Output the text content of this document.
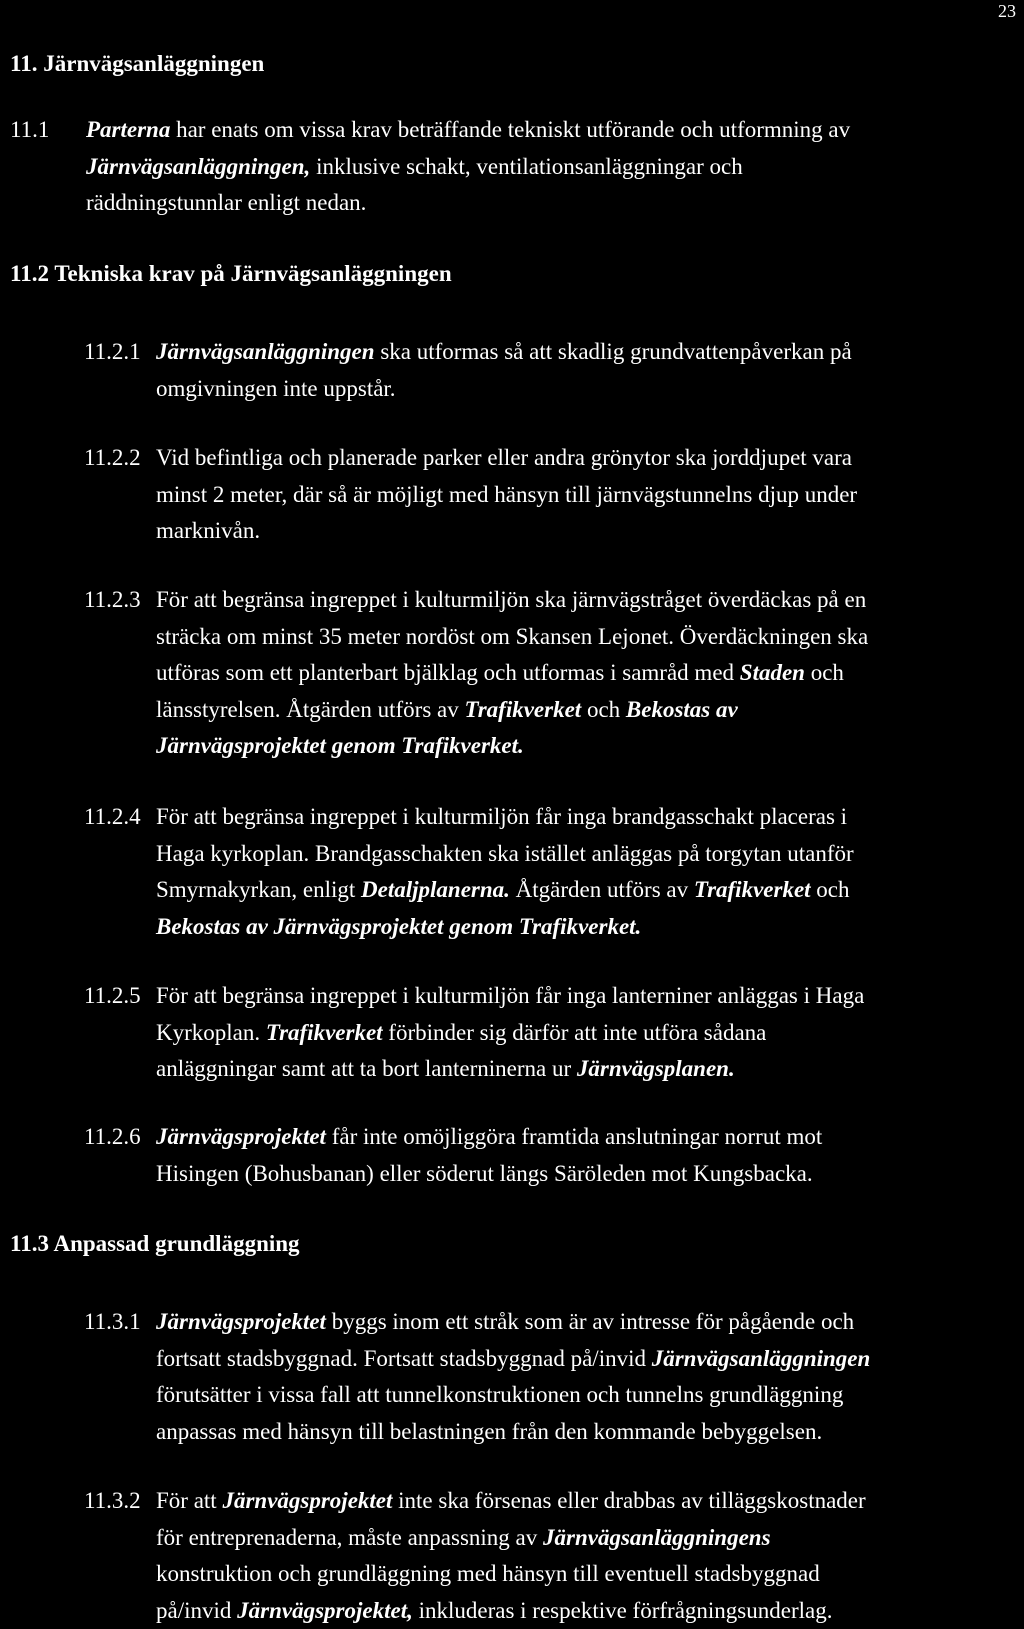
23
11. Järnvägsanläggningen
11.1 Parterna har enats om vissa krav beträffande tekniskt utförande och utformning av
Järnvägsanläggningen, inklusive schakt, ventilationsanläggningar och
räddningstunnlar enligt nedan.
11.2 Tekniska krav på Järnvägsanläggningen
11.2.1 Järnvägsanläggningen ska utformas så att skadlig grundvattenpåverkan på
omgivningen inte uppstår.
11.2.2 Vid befintliga och planerade parker eller andra grönytor ska jorddjupet vara
minst 2 meter, där så är möjligt med hänsyn till järnvägstunnelns djup under
marknivån.
11.2.3 För att begränsa ingreppet i kulturmiljön ska järnvägstråget överdäckas på en
sträcka om minst 35 meter nordöst om Skansen Lejonet. Överdäckningen ska
utföras som ett planterbart bjälklag och utformas i samråd med Staden och
länsstyrelsen. Åtgärden utförs av Trafikverket och Bekostas av
Järnvägsprojektet genom Trafikverket.
11.2.4 För att begränsa ingreppet i kulturmiljön får inga brandgasschakt placeras i
Haga kyrkoplan. Brandgasschakten ska istället anläggas på torgytan utanför
Smyrnakyrkan, enligt Detaljplanerna. Åtgärden utförs av Trafikverket och
Bekostas av Järnvägsprojektet genom Trafikverket.
11.2.5 För att begränsa ingreppet i kulturmiljön får inga lanterniner anläggas i Haga
Kyrkoplan. Trafikverket förbinder sig därför att inte utföra sådana
anläggningar samt att ta bort lanterninerna ur Järnvägsplanen.
11.2.6 Järnvägsprojektet får inte omöjliggöra framtida anslutningar norrut mot
Hisingen (Bohusbanan) eller söderut längs Säröleden mot Kungsbacka.
11.3 Anpassad grundläggning
11.3.1 Järnvägsprojektet byggs inom ett stråk som är av intresse för pågående och
fortsatt stadsbyggnad. Fortsatt stadsbyggnad på/invid Järnvägsanläggningen
förutsätter i vissa fall att tunnelkonstruktionen och tunnelns grundläggning
anpassas med hänsyn till belastningen från den kommande bebyggelsen.
11.3.2 För att Järnvägsprojektet inte ska försenas eller drabbas av tilläggskostnader
för entreprenaderna, måste anpassning av Järnvägsanläggningens
konstruktion och grundläggning med hänsyn till eventuell stadsbyggnad
på/invid Järnvägsprojektet, inkluderas i respektive förfrågningsunderlag.
